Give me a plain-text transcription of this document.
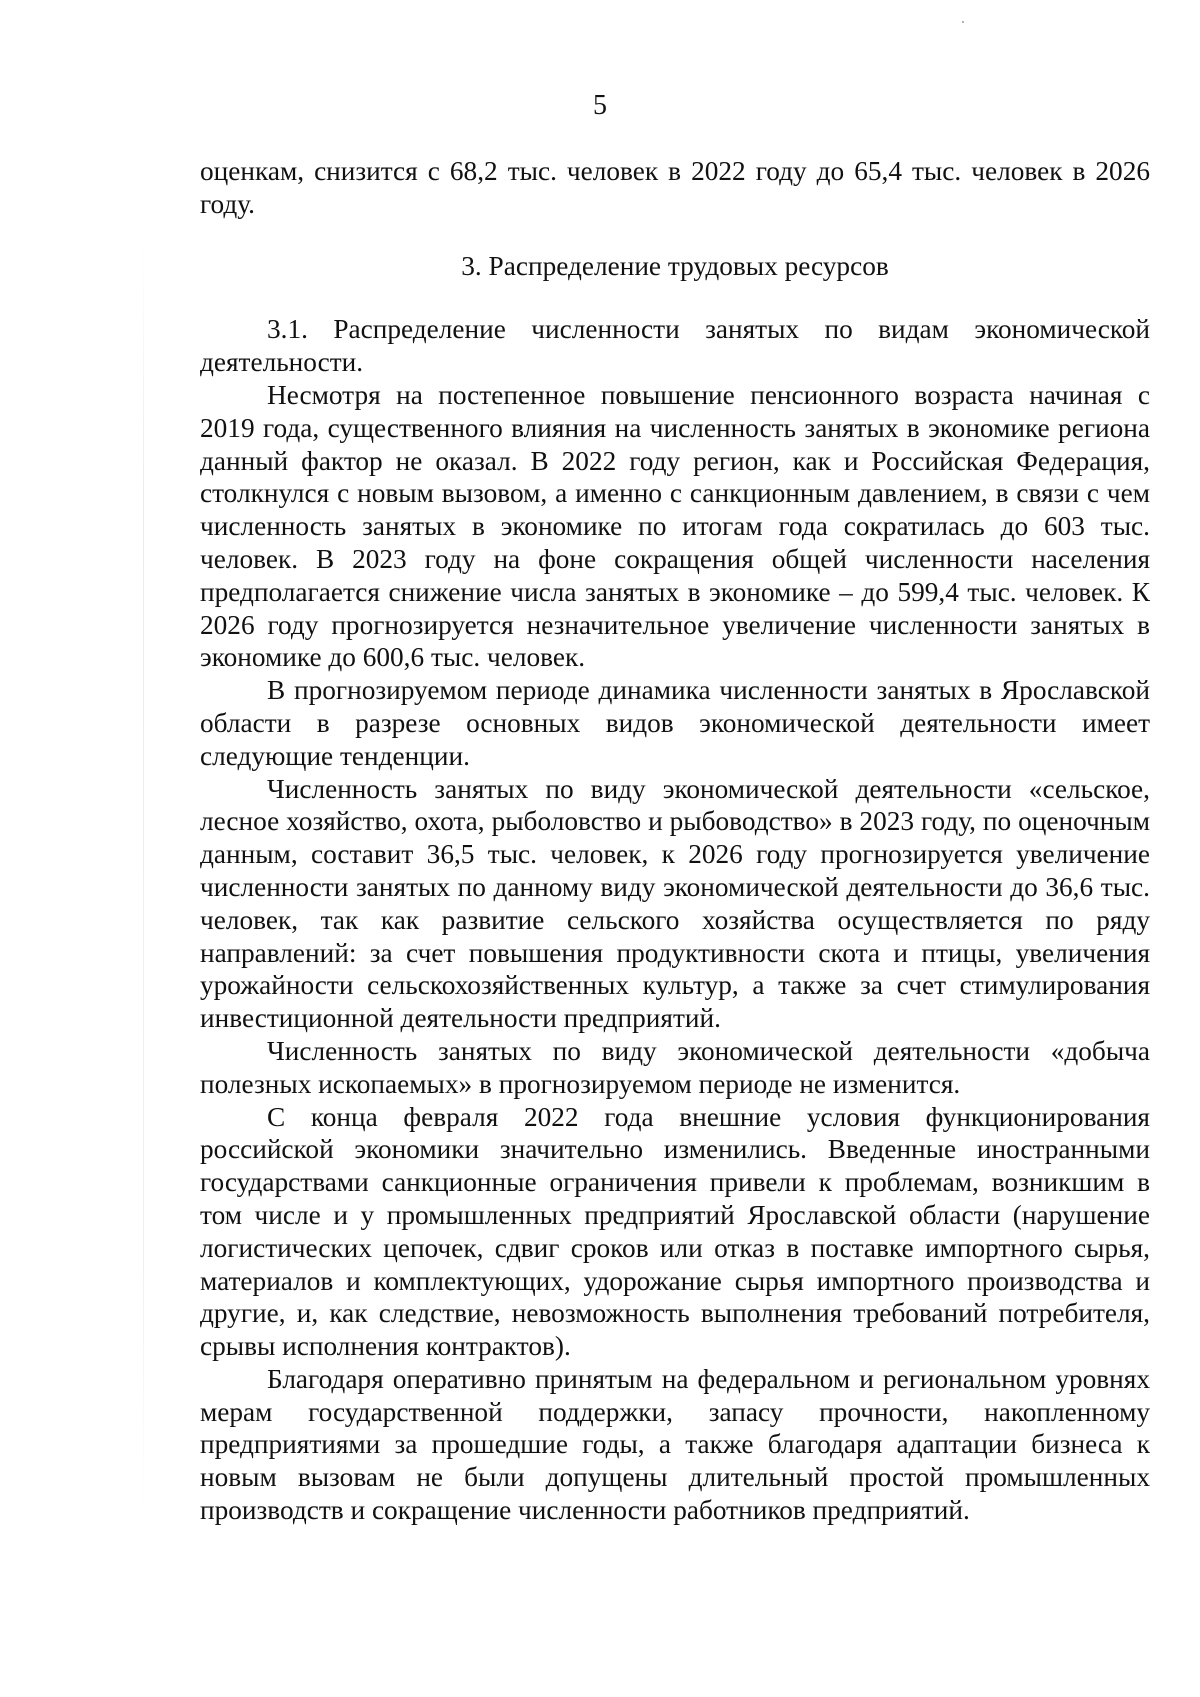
5

оценкам, снизится с 68,2 тыс. человек в 2022 году до 65,4 тыс. человек в 2026 году.

3. Распределение трудовых ресурсов

3.1. Распределение численности занятых по видам экономической деятельности.

Несмотря на постепенное повышение пенсионного возраста начиная с 2019 года, существенного влияния на численность занятых в экономике региона данный фактор не оказал. В 2022 году регион, как и Российская Федерация, столкнулся с новым вызовом, а именно с санкционным давлением, в связи с чем численность занятых в экономике по итогам года сократилась до 603 тыс. человек. В 2023 году на фоне сокращения общей численности населения предполагается снижение числа занятых в экономике – до 599,4 тыс. человек. К 2026 году прогнозируется незначительное увеличение численности занятых в экономике до 600,6 тыс. человек.

В прогнозируемом периоде динамика численности занятых в Ярославской области в разрезе основных видов экономической деятельности имеет следующие тенденции.

Численность занятых по виду экономической деятельности «сельское, лесное хозяйство, охота, рыболовство и рыбоводство» в 2023 году, по оценочным данным, составит 36,5 тыс. человек, к 2026 году прогнозируется увеличение численности занятых по данному виду экономической деятельности до 36,6 тыс. человек, так как развитие сельского хозяйства осуществляется по ряду направлений: за счет повышения продуктивности скота и птицы, увеличения урожайности сельскохозяйственных культур, а также за счет стимулирования инвестиционной деятельности предприятий.

Численность занятых по виду экономической деятельности «добыча полезных ископаемых» в прогнозируемом периоде не изменится.

С конца февраля 2022 года внешние условия функционирования российской экономики значительно изменились. Введенные иностранными государствами санкционные ограничения привели к проблемам, возникшим в том числе и у промышленных предприятий Ярославской области (нарушение логистических цепочек, сдвиг сроков или отказ в поставке импортного сырья, материалов и комплектующих, удорожание сырья импортного производства и другие, и, как следствие, невозможность выполнения требований потребителя, срывы исполнения контрактов).

Благодаря оперативно принятым на федеральном и региональном уровнях мерам государственной поддержки, запасу прочности, накопленному предприятиями за прошедшие годы, а также благодаря адаптации бизнеса к новым вызовам не были допущены длительный простой промышленных производств и сокращение численности работников предприятий.
